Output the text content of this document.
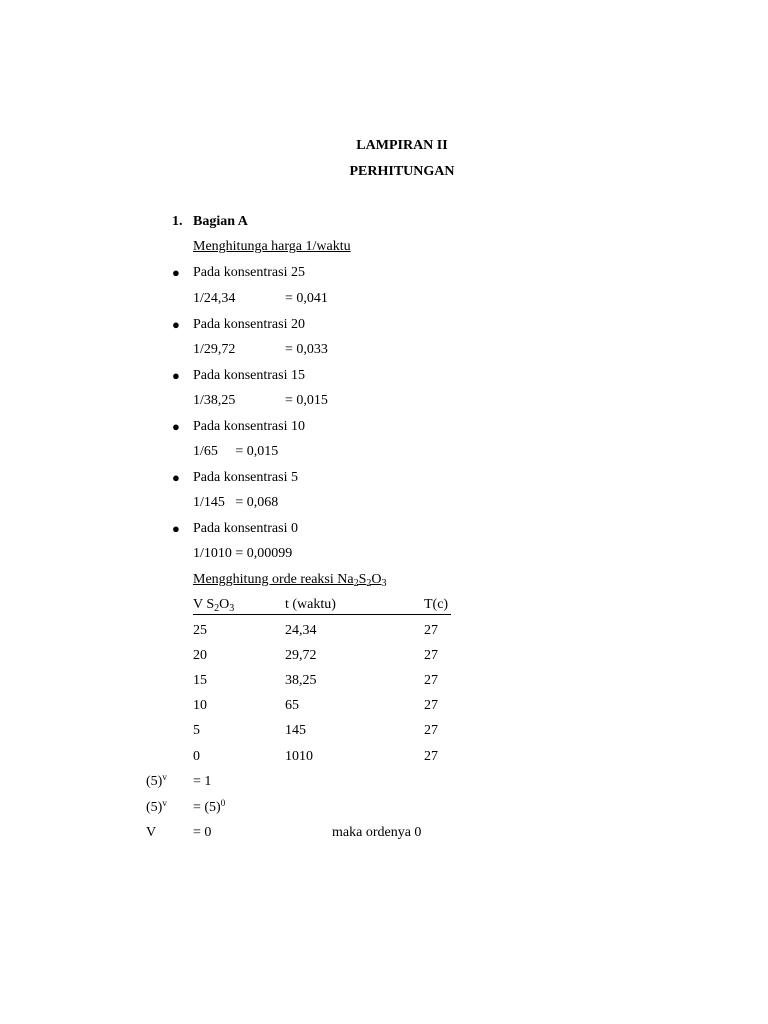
LAMPIRAN II
PERHITUNGAN
1. Bagian A
Menghitunga harga 1/waktu
● Pada konsentrasi 25
1/24,34	= 0,041
● Pada konsentrasi 20
1/29,72	= 0,033
● Pada konsentrasi 15
1/38,25	= 0,015
● Pada konsentrasi 10
1/65     = 0,015
● Pada konsentrasi 5
1/145   = 0,068
● Pada konsentrasi 0
1/1010 = 0,00099
Mengghitung orde reaksi $Na_2S_2O_3$
V $S_2O_3$	t (waktu)	T(c)
25	24,34	27
20	29,72	27
15	38,25	27
10	65	27
5	145	27
0	1010	27
$(5)^v = 1$
$(5)^v = (5)^0$
V	= 0	maka ordenya 0
